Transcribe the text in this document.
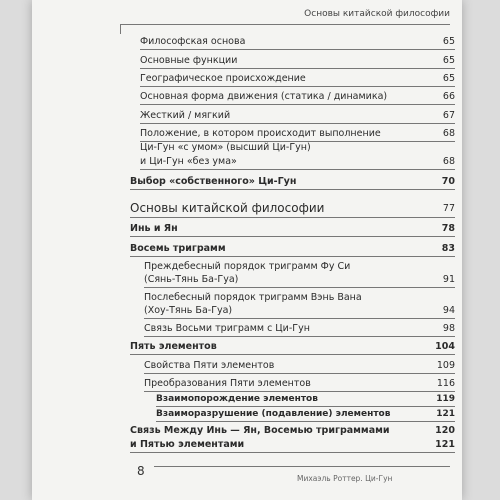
Основы китайской философии
Философская основа	65
Основные функции	65
Географическое происхождение	65
Основная форма движения (статика / динамика)	66
Жесткий / мягкий	67
Положение, в котором происходит выполнение	68
Ци-Гун «с умом» (высший Ци-Гун)
и Ци-Гун «без ума»	68
Выбор «собственного» Ци-Гун	70
Основы китайской философии	77
Инь и Ян	78
Восемь триграмм	83
Преждебесный порядок триграмм Фу Си
(Сянь-Тянь Ба-Гуа)	91
Послебесный порядок триграмм Вэнь Вана
(Хоу-Тянь Ба-Гуа)	94
Связь Восьми триграмм с Ци-Гун	98
Пять элементов	104
Свойства Пяти элементов	109
Преобразования Пяти элементов	116
Взаимопорождение элементов	119
Взаиморазрушение (подавление) элементов	121
Связь Между Инь — Ян, Восемью триграммами	120
и Пятью элементами	121
8
Михаэль Роттер. Ци-Гун
